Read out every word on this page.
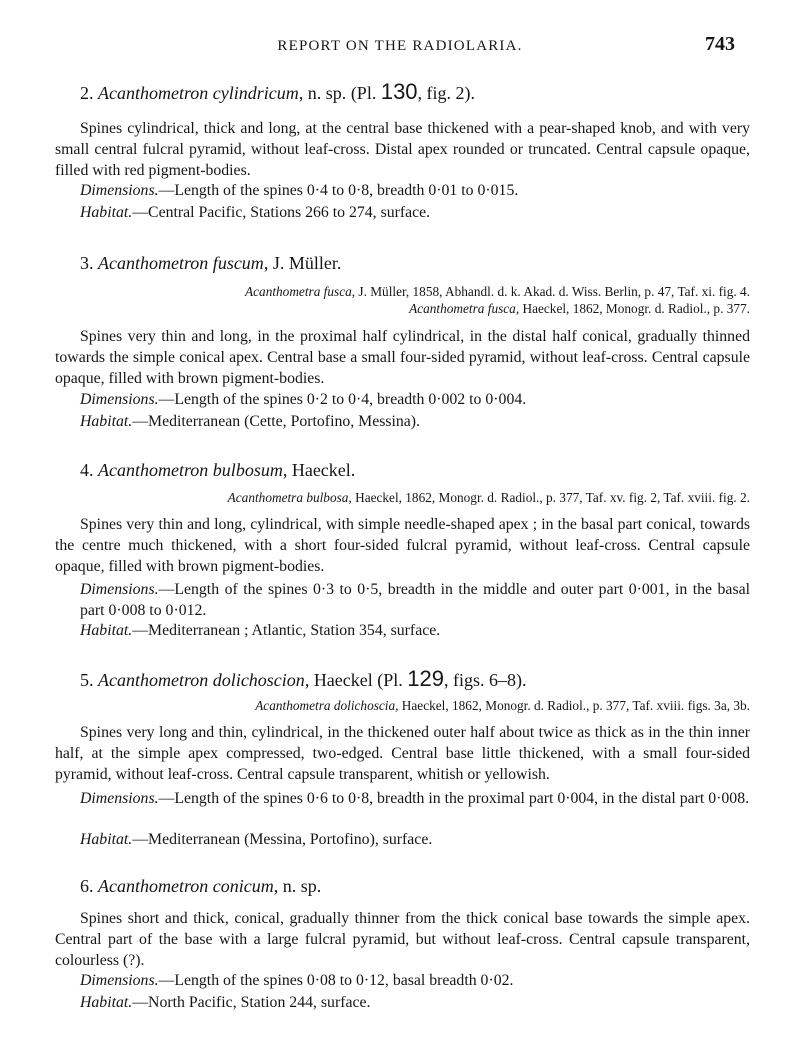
REPORT ON THE RADIOLARIA.	743
2. Acanthometron cylindricum, n. sp. (Pl. 130, fig. 2).
Spines cylindrical, thick and long, at the central base thickened with a pear-shaped knob, and with very small central fulcral pyramid, without leaf-cross. Distal apex rounded or truncated. Central capsule opaque, filled with red pigment-bodies.
Dimensions.—Length of the spines 0·4 to 0·8, breadth 0·01 to 0·015.
Habitat.—Central Pacific, Stations 266 to 274, surface.
3. Acanthometron fuscum, J. Müller.
Acanthometra fusca, J. Müller, 1858, Abhandl. d. k. Akad. d. Wiss. Berlin, p. 47, Taf. xi. fig. 4.
Acanthometra fusca, Haeckel, 1862, Monogr. d. Radiol., p. 377.
Spines very thin and long, in the proximal half cylindrical, in the distal half conical, gradually thinned towards the simple conical apex. Central base a small four-sided pyramid, without leaf-cross. Central capsule opaque, filled with brown pigment-bodies.
Dimensions.—Length of the spines 0·2 to 0·4, breadth 0·002 to 0·004.
Habitat.—Mediterranean (Cette, Portofino, Messina).
4. Acanthometron bulbosum, Haeckel.
Acanthometra bulbosa, Haeckel, 1862, Monogr. d. Radiol., p. 377, Taf. xv. fig. 2, Taf. xviii. fig. 2.
Spines very thin and long, cylindrical, with simple needle-shaped apex ; in the basal part conical, towards the centre much thickened, with a short four-sided fulcral pyramid, without leaf-cross. Central capsule opaque, filled with brown pigment-bodies.
Dimensions.—Length of the spines 0·3 to 0·5, breadth in the middle and outer part 0·001, in the basal part 0·008 to 0·012.
Habitat.—Mediterranean ; Atlantic, Station 354, surface.
5. Acanthometron dolichoscion, Haeckel (Pl. 129, figs. 6–8).
Acanthometra dolichoscia, Haeckel, 1862, Monogr. d. Radiol., p. 377, Taf. xviii. figs. 3a, 3b.
Spines very long and thin, cylindrical, in the thickened outer half about twice as thick as in the thin inner half, at the simple apex compressed, two-edged. Central base little thickened, with a small four-sided pyramid, without leaf-cross. Central capsule transparent, whitish or yellowish.
Dimensions.—Length of the spines 0·6 to 0·8, breadth in the proximal part 0·004, in the distal part 0·008.
Habitat.—Mediterranean (Messina, Portofino), surface.
6. Acanthometron conicum, n. sp.
Spines short and thick, conical, gradually thinner from the thick conical base towards the simple apex. Central part of the base with a large fulcral pyramid, but without leaf-cross. Central capsule transparent, colourless (?).
Dimensions.—Length of the spines 0·08 to 0·12, basal breadth 0·02.
Habitat.—North Pacific, Station 244, surface.
